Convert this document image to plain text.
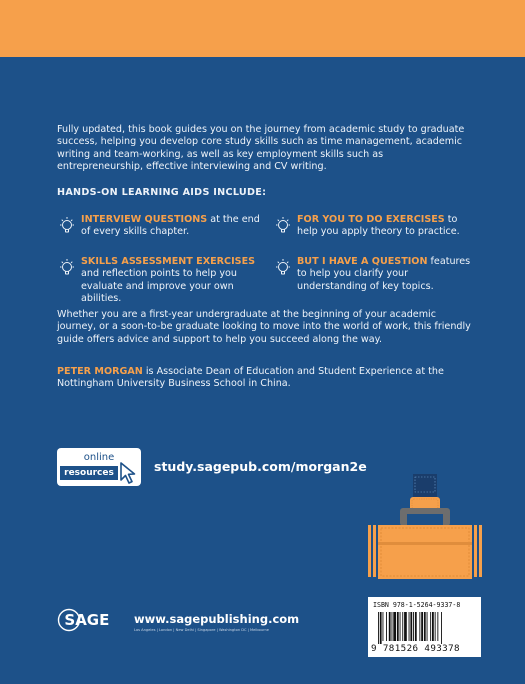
Fully updated, this book guides you on the journey from academic study to graduate success, helping you develop core study skills such as time management, academic writing and team-working, as well as key employment skills such as entrepreneurship, effective interviewing and CV writing.
HANDS-ON LEARNING AIDS INCLUDE:
INTERVIEW QUESTIONS at the end of every skills chapter.
FOR YOU TO DO EXERCISES to help you apply theory to practice.
SKILLS ASSESSMENT EXERCISES and reflection points to help you evaluate and improve your own abilities.
BUT I HAVE A QUESTION features to help you clarify your understanding of key topics.
Whether you are a first-year undergraduate at the beginning of your academic journey, or a soon-to-be graduate looking to move into the world of work, this friendly guide offers advice and support to help you succeed along the way.
PETER MORGAN is Associate Dean of Education and Student Experience at the Nottingham University Business School in China.
online
resources	study.sagepub.com/morgan2e
SAGE www.sagepublishing.com
Los Angeles | London | New Delhi | Singapore | Washington DC | Melbourne
ISBN 978-1-5264-9337-8
9 781526 493378
